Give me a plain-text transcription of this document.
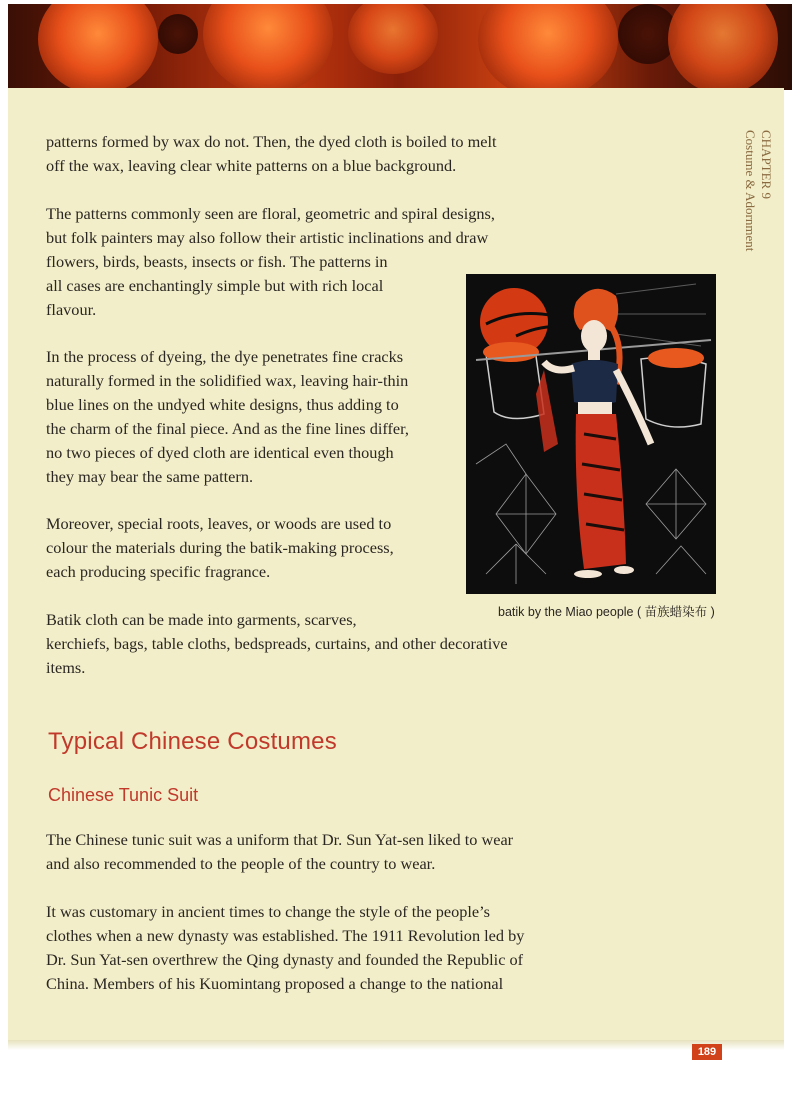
CHAPTER 9
Costume & Adornment
patterns formed by wax do not. Then, the dyed cloth is boiled to melt
off the wax, leaving clear white patterns on a blue background.
The patterns commonly seen are floral, geometric and spiral designs,
but folk painters may also follow their artistic inclinations and draw
flowers, birds, beasts, insects or fish. The patterns in
all cases are enchantingly simple but with rich local
flavour.
In the process of dyeing, the dye penetrates fine cracks
naturally formed in the solidified wax, leaving hair-thin
blue lines on the undyed white designs, thus adding to
the charm of the final piece. And as the fine lines differ,
no two pieces of dyed cloth are identical even though
they may bear the same pattern.
Moreover, special roots, leaves, or woods are used to
colour the materials during the batik-making process,
each producing specific fragrance.
Batik cloth can be made into garments, scarves,
kerchiefs, bags, table cloths, bedspreads, curtains, and other decorative
items.
batik by the Miao people ( 苗族蜡染布 )
Typical Chinese Costumes
Chinese Tunic Suit
The Chinese tunic suit was a uniform that Dr. Sun Yat-sen liked to wear
and also recommended to the people of the country to wear.
It was customary in ancient times to change the style of the people’s
clothes when a new dynasty was established. The 1911 Revolution led by
Dr. Sun Yat-sen overthrew the Qing dynasty and founded the Republic of
China. Members of his Kuomintang proposed a change to the national
189
